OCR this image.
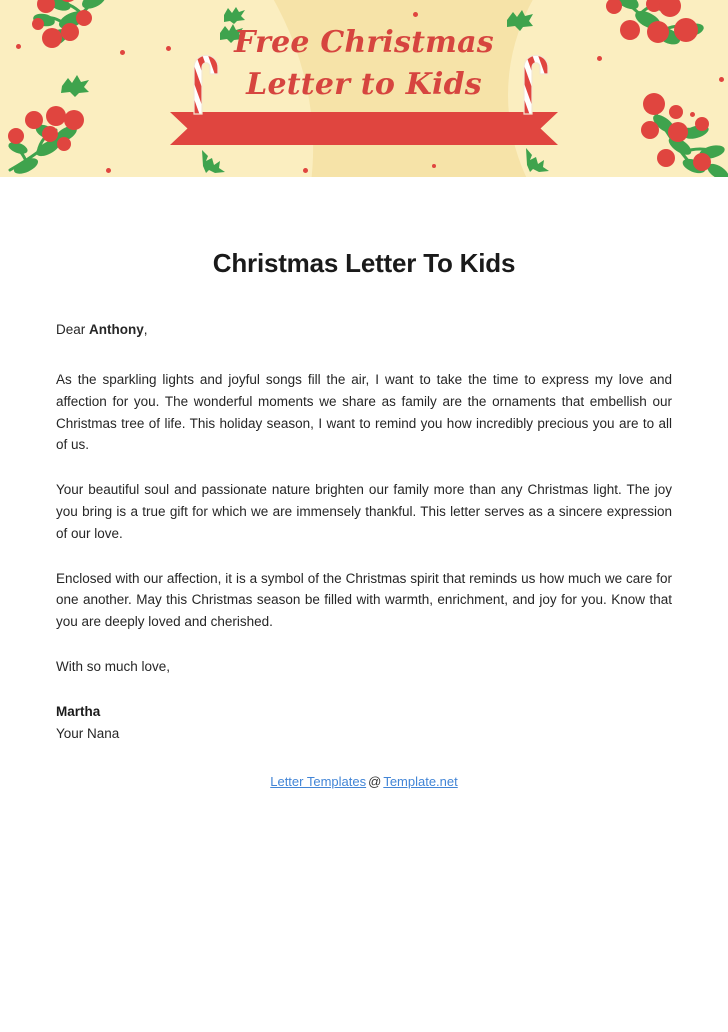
Free Christmas
Letter to Kids
Christmas Letter To Kids

Dear Anthony,

As the sparkling lights and joyful songs fill the air, I want to take the time to express my love and affection for you. The wonderful moments we share as family are the ornaments that embellish our Christmas tree of life. This holiday season, I want to remind you how incredibly precious you are to all of us.

Your beautiful soul and passionate nature brighten our family more than any Christmas light. The joy you bring is a true gift for which we are immensely thankful. This letter serves as a sincere expression of our love.

Enclosed with our affection, it is a symbol of the Christmas spirit that reminds us how much we care for one another. May this Christmas season be filled with warmth, enrichment, and joy for you. Know that you are deeply loved and cherished.

With so much love,

Martha

Your Nana

Letter Templates @ Template.net
